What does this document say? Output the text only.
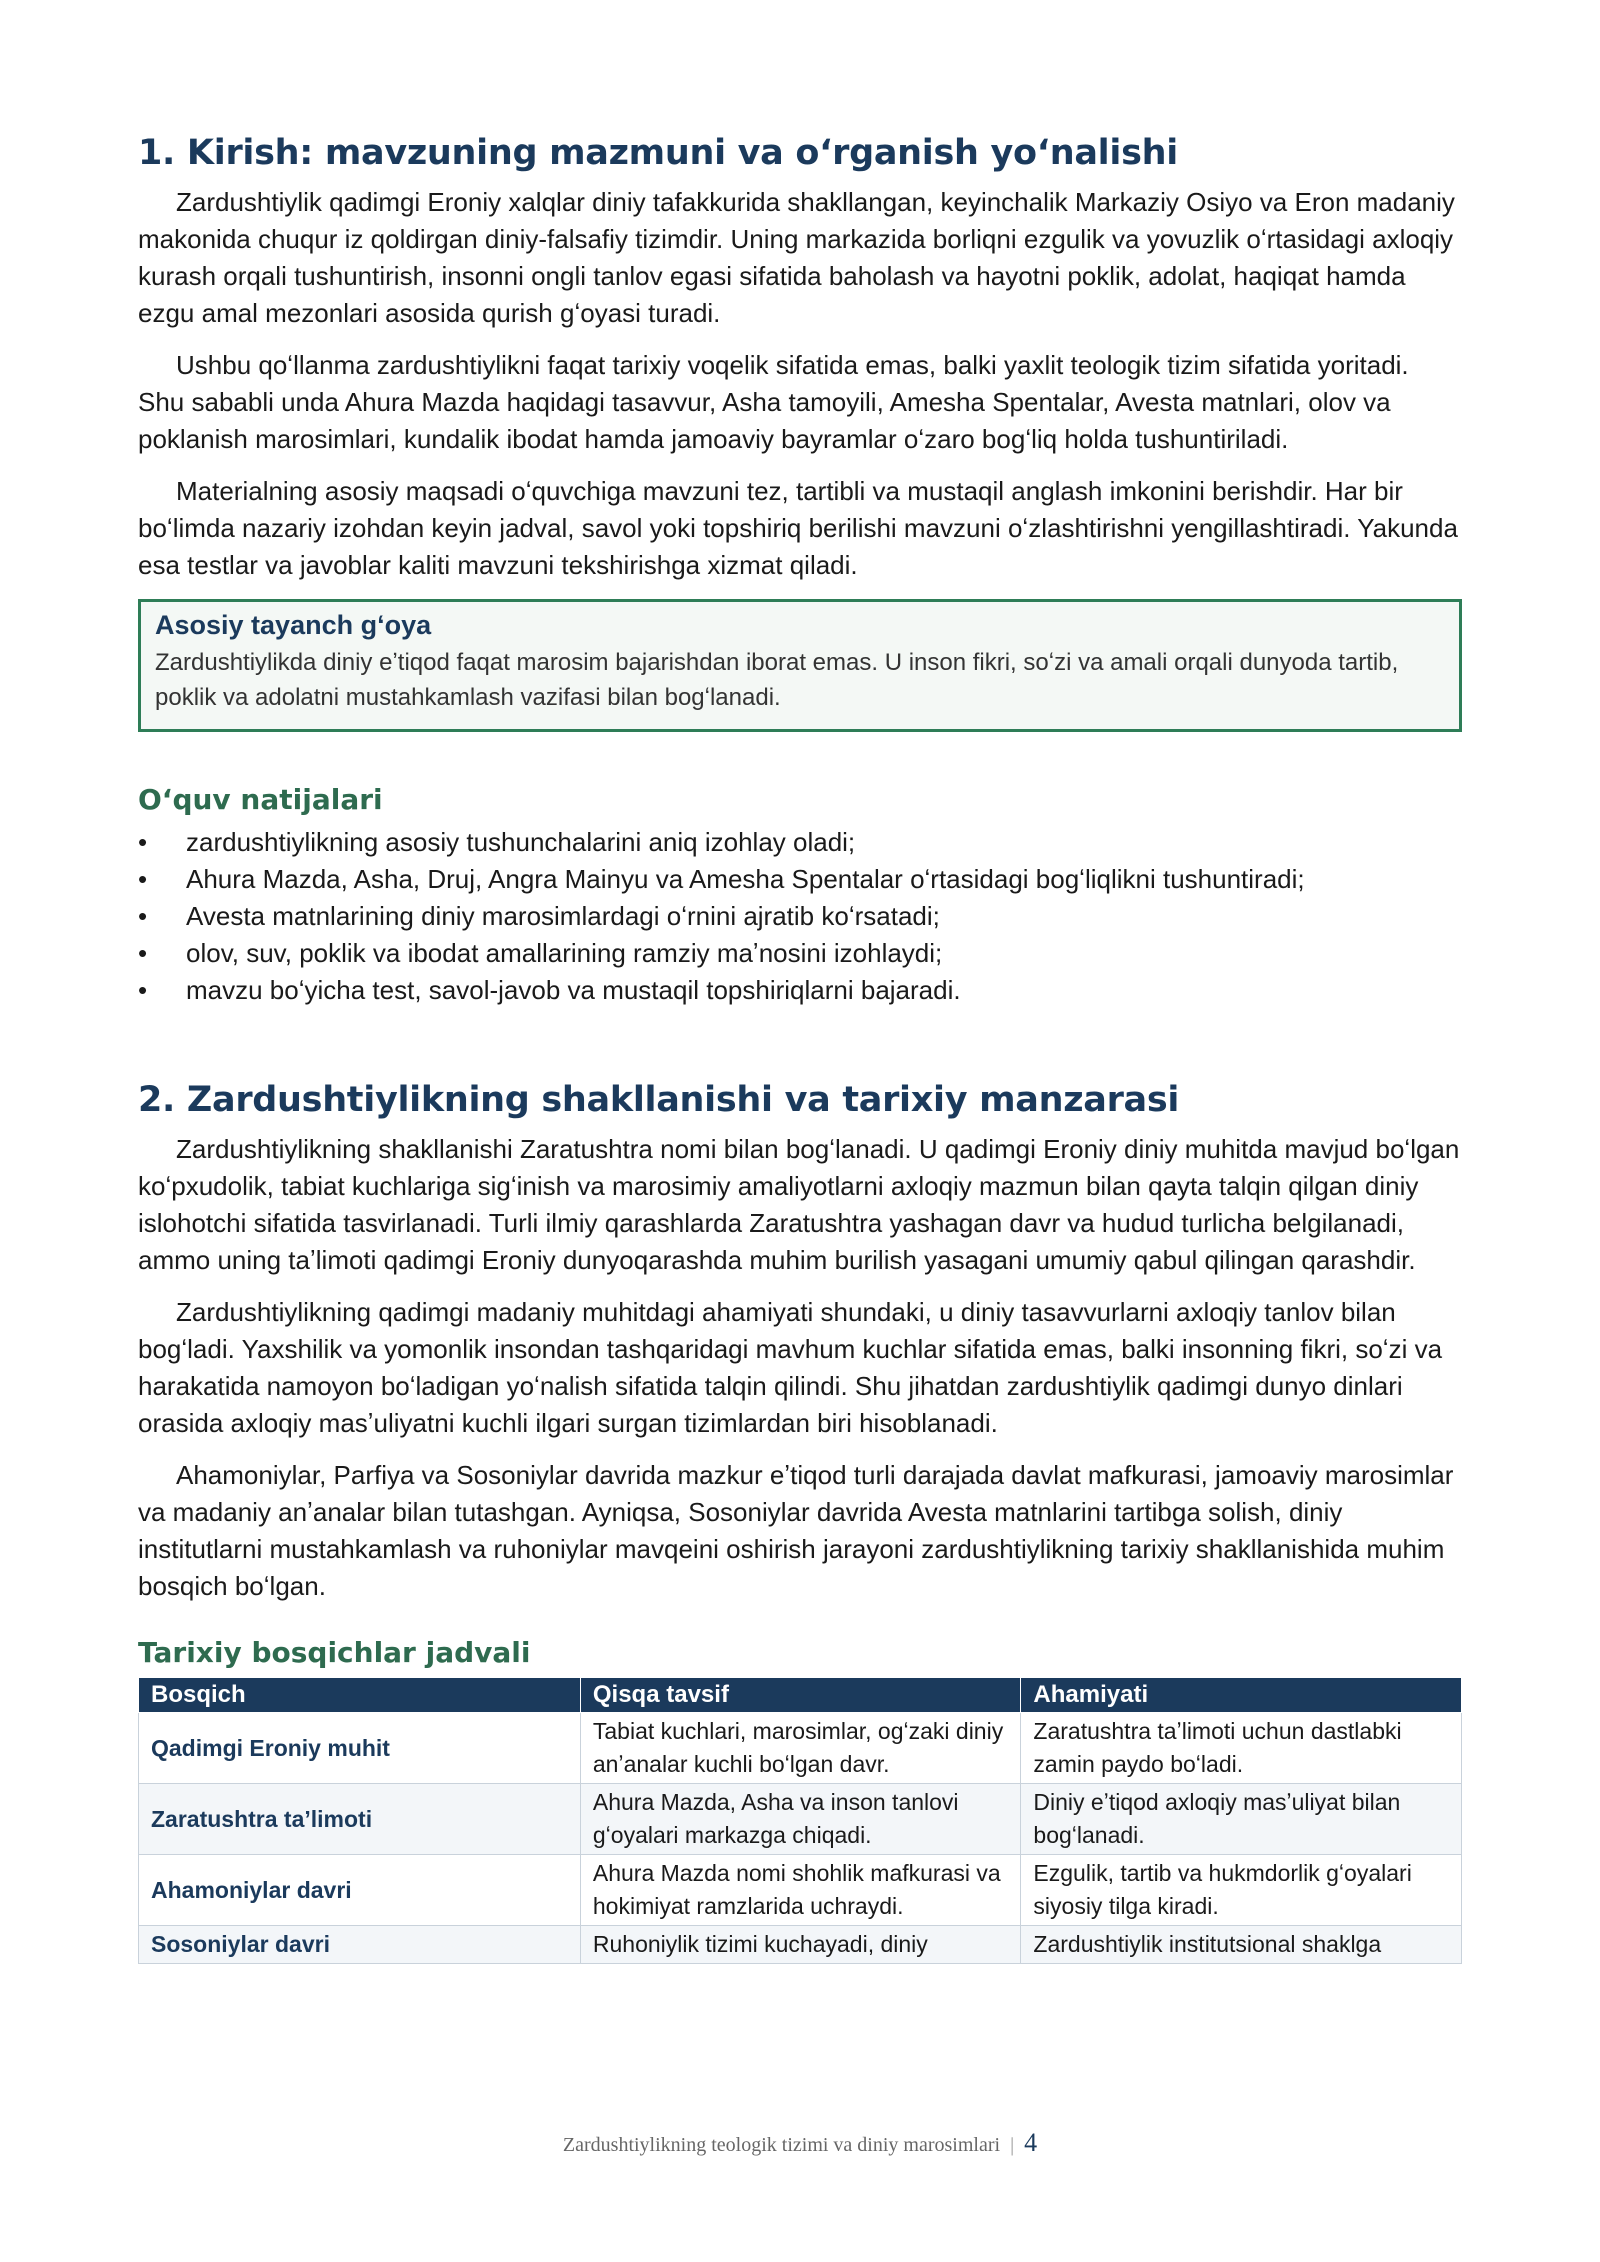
1. Kirish: mavzuning mazmuni va oʻrganish yoʻnalishi

Zardushtiylik qadimgi Eroniy xalqlar diniy tafakkurida shakllangan, keyinchalik Markaziy Osiyo va Eron madaniy makonida chuqur iz qoldirgan diniy-falsafiy tizimdir. Uning markazida borliqni ezgulik va yovuzlik oʻrtasidagi axloqiy kurash orqali tushuntirish, insonni ongli tanlov egasi sifatida baholash va hayotni poklik, adolat, haqiqat hamda ezgu amal mezonlari asosida qurish gʻoyasi turadi.

Ushbu qoʻllanma zardushtiylikni faqat tarixiy voqelik sifatida emas, balki yaxlit teologik tizim sifatida yoritadi. Shu sababli unda Ahura Mazda haqidagi tasavvur, Asha tamoyili, Amesha Spentalar, Avesta matnlari, olov va poklanish marosimlari, kundalik ibodat hamda jamoaviy bayramlar oʻzaro bogʻliq holda tushuntiriladi.

Materialning asosiy maqsadi oʻquvchiga mavzuni tez, tartibli va mustaqil anglash imkonini berishdir. Har bir boʻlimda nazariy izohdan keyin jadval, savol yoki topshiriq berilishi mavzuni oʻzlashtirishni yengillashtiradi. Yakunda esa testlar va javoblar kaliti mavzuni tekshirishga xizmat qiladi.

Asosiy tayanch gʻoya
Zardushtiylikda diniy eʼtiqod faqat marosim bajarishdan iborat emas. U inson fikri, soʻzi va amali orqali dunyoda tartib, poklik va adolatni mustahkamlash vazifasi bilan bogʻlanadi.
Oʻquv natijalari
• zardushtiylikning asosiy tushunchalarini aniq izohlay oladi;
• Ahura Mazda, Asha, Druj, Angra Mainyu va Amesha Spentalar oʻrtasidagi bogʻliqlikni tushuntiradi;
• Avesta matnlarining diniy marosimlardagi oʻrnini ajratib koʻrsatadi;
• olov, suv, poklik va ibodat amallarining ramziy maʼnosini izohlaydi;
• mavzu boʻyicha test, savol-javob va mustaqil topshiriqlarni bajaradi.
2. Zardushtiylikning shakllanishi va tarixiy manzarasi

Zardushtiylikning shakllanishi Zaratushtra nomi bilan bogʻlanadi. U qadimgi Eroniy diniy muhitda mavjud boʻlgan koʻpxudolik, tabiat kuchlariga sigʻinish va marosimiy amaliyotlarni axloqiy mazmun bilan qayta talqin qilgan diniy islohotchi sifatida tasvirlanadi. Turli ilmiy qarashlarda Zaratushtra yashagan davr va hudud turlicha belgilanadi, ammo uning taʼlimoti qadimgi Eroniy dunyoqarashda muhim burilish yasagani umumiy qabul qilingan qarashdir.

Zardushtiylikning qadimgi madaniy muhitdagi ahamiyati shundaki, u diniy tasavvurlarni axloqiy tanlov bilan bogʻladi. Yaxshilik va yomonlik insondan tashqaridagi mavhum kuchlar sifatida emas, balki insonning fikri, soʻzi va harakatida namoyon boʻladigan yoʻnalish sifatida talqin qilindi. Shu jihatdan zardushtiylik qadimgi dunyo dinlari orasida axloqiy masʼuliyatni kuchli ilgari surgan tizimlardan biri hisoblanadi.

Ahamoniylar, Parfiya va Sosoniylar davrida mazkur eʼtiqod turli darajada davlat mafkurasi, jamoaviy marosimlar va madaniy anʼanalar bilan tutashgan. Ayniqsa, Sosoniylar davrida Avesta matnlarini tartibga solish, diniy institutlarni mustahkamlash va ruhoniylar mavqeini oshirish jarayoni zardushtiylikning tarixiy shakllanishida muhim bosqich boʻlgan.

Tarixiy bosqichlar jadvali
Bosqich	Qisqa tavsif	Ahamiyati
Qadimgi Eroniy muhit	Tabiat kuchlari, marosimlar, ogʻzaki diniy anʼanalar kuchli boʻlgan davr.	Zaratushtra taʼlimoti uchun dastlabki zamin paydo boʻladi.
Zaratushtra taʼlimoti	Ahura Mazda, Asha va inson tanlovi gʻoyalari markazga chiqadi.	Diniy eʼtiqod axloqiy masʼuliyat bilan bogʻlanadi.
Ahamoniylar davri	Ahura Mazda nomi shohlik mafkurasi va hokimiyat ramzlarida uchraydi.	Ezgulik, tartib va hukmdorlik gʻoyalari siyosiy tilga kiradi.
Sosoniylar davri	Ruhoniylik tizimi kuchayadi, diniy	Zardushtiylik institutsional shaklga
Zardushtiylikning teologik tizimi va diniy marosimlari | 4
